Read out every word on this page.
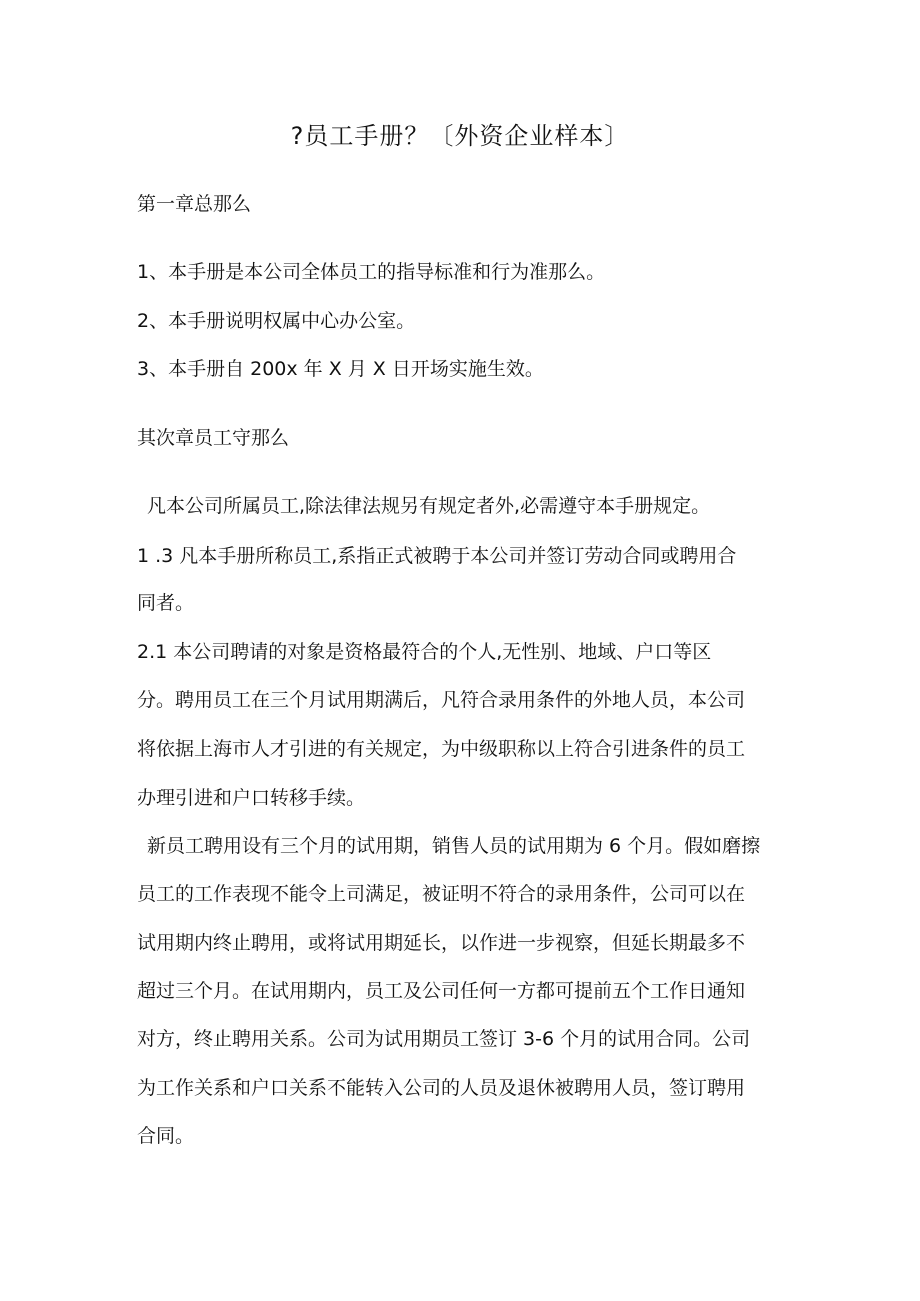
?员工手册？〔外资企业样本〕
第一章总那么
1、本手册是本公司全体员工的指导标准和行为准那么。
2、本手册说明权属中心办公室。
3、本手册自 200x 年 X 月 X 日开场实施生效。
其次章员工守那么
凡本公司所属员工,除法律法规另有规定者外,必需遵守本手册规定。
1 .3 凡本手册所称员工,系指正式被聘于本公司并签订劳动合同或聘用合
同者。
2.1 本公司聘请的对象是资格最符合的个人,无性别、地域、户口等区
分。聘用员工在三个月试用期满后，凡符合录用条件的外地人员，本公司
将依据上海市人才引进的有关规定，为中级职称以上符合引进条件的员工
办理引进和户口转移手续。
新员工聘用设有三个月的试用期，销售人员的试用期为 6 个月。假如磨擦
员工的工作表现不能令上司满足，被证明不符合的录用条件，公司可以在
试用期内终止聘用，或将试用期延长，以作进一步视察，但延长期最多不
超过三个月。在试用期内，员工及公司任何一方都可提前五个工作日通知
对方，终止聘用关系。公司为试用期员工签订 3-6 个月的试用合同。公司
为工作关系和户口关系不能转入公司的人员及退休被聘用人员，签订聘用
合同。
